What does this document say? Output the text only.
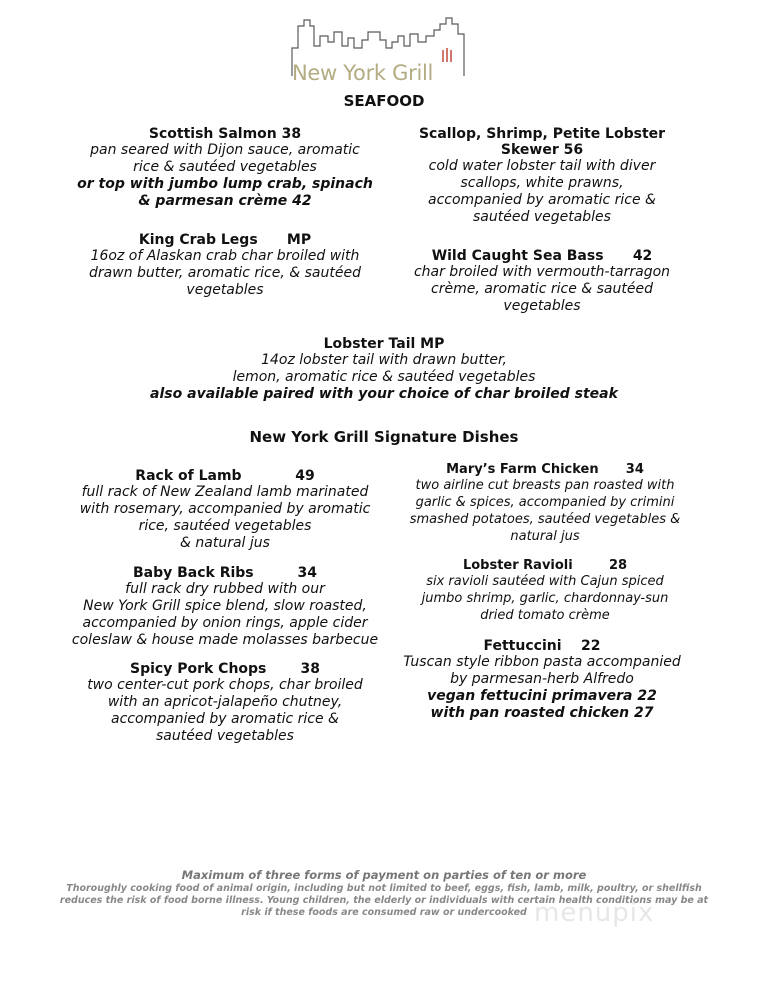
New York Grill
SEAFOOD
Scottish Salmon 38
pan seared with Dijon sauce, aromatic
rice & sautéed vegetables
or top with jumbo lump crab, spinach
& parmesan crème 42
King Crab Legs MP
16oz of Alaskan crab char broiled with
drawn butter, aromatic rice, & sautéed
vegetables
Scallop, Shrimp, Petite Lobster
Skewer 56
cold water lobster tail with diver
scallops, white prawns,
accompanied by aromatic rice &
sautéed vegetables
Wild Caught Sea Bass 42
char broiled with vermouth-tarragon
crème, aromatic rice & sautéed
vegetables
Lobster Tail MP
14oz lobster tail with drawn butter,
lemon, aromatic rice & sautéed vegetables
also available paired with your choice of char broiled steak
New York Grill Signature Dishes
Rack of Lamb	49
full rack of New Zealand lamb marinated
with rosemary, accompanied by aromatic
rice, sautéed vegetables
& natural jus
Baby Back Ribs	34
full rack dry rubbed with our
New York Grill spice blend, slow roasted,
accompanied by onion rings, apple cider
coleslaw & house made molasses barbecue
Spicy Pork Chops 38
two center-cut pork chops, char broiled
with an apricot-jalapeño chutney,
accompanied by aromatic rice &
sautéed vegetables
Mary’s Farm Chicken 34
two airline cut breasts pan roasted with
garlic & spices, accompanied by crimini
smashed potatoes, sautéed vegetables &
natural jus
Lobster Ravioli	28
six ravioli sautéed with Cajun spiced
jumbo shrimp, garlic, chardonnay-sun
dried tomato crème
Fettuccini 22
Tuscan style ribbon pasta accompanied
by parmesan-herb Alfredo
vegan fettucini primavera 22
with pan roasted chicken 27
Maximum of three forms of payment on parties of ten or more
Thoroughly cooking food of animal origin, including but not limited to beef, eggs, fish, lamb, milk, poultry, or shellfish
reduces the risk of food borne illness. Young children, the elderly or individuals with certain health conditions may be at
risk if these foods are consumed raw or undercooked menupix
